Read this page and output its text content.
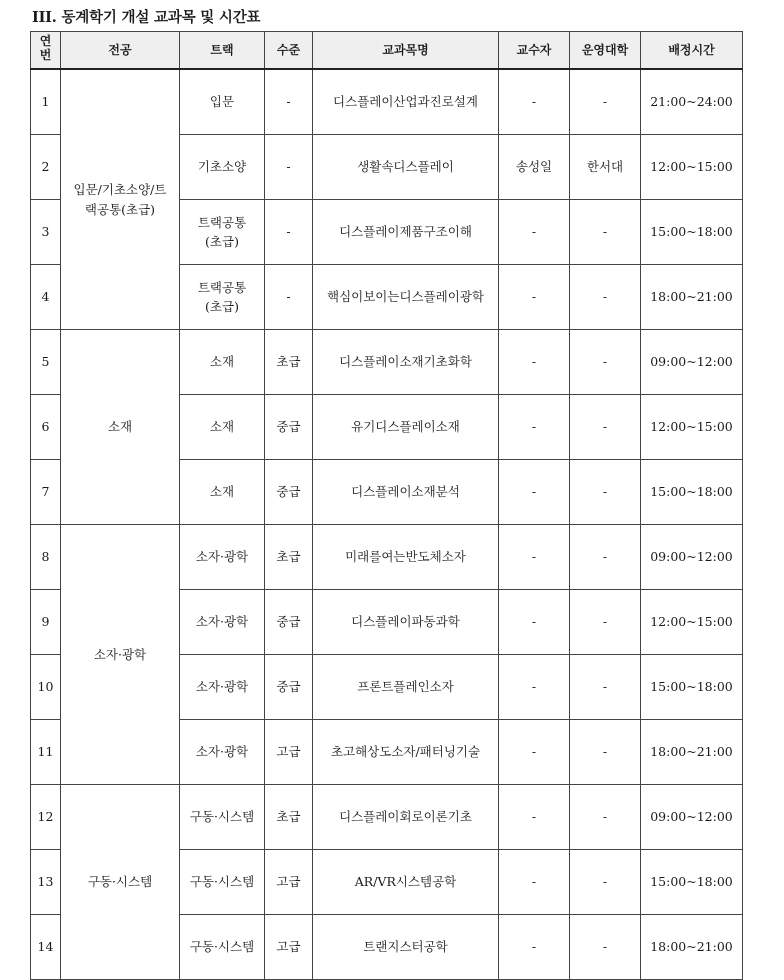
III. 동계학기 개설 교과목 및 시간표
연번	전공	트랙	수준	교과목명	교수자	운영대학	배정시간
1	입문/기초소양/트랙공통(초급)	입문	-	디스플레이산업과진로설계	-	-	21:00~24:00
2		기초소양	-	생활속디스플레이	송성일	한서대	12:00~15:00
3		트랙공통(초급)	-	디스플레이제품구조이해	-	-	15:00~18:00
4		트랙공통(초급)	-	핵심이보이는디스플레이광학	-	-	18:00~21:00
5	소재	소재	초급	디스플레이소재기초화학	-	-	09:00~12:00
6		소재	중급	유기디스플레이소재	-	-	12:00~15:00
7		소재	중급	디스플레이소재분석	-	-	15:00~18:00
8	소자·광학	소자·광학	초급	미래를여는반도체소자	-	-	09:00~12:00
9		소자·광학	중급	디스플레이파동과학	-	-	12:00~15:00
10		소자·광학	중급	프론트플레인소자	-	-	15:00~18:00
11		소자·광학	고급	초고해상도소자/패터닝기술	-	-	18:00~21:00
12	구동·시스템	구동·시스템	초급	디스플레이회로이론기초	-	-	09:00~12:00
13		구동·시스템	고급	AR/VR시스템공학	-	-	15:00~18:00
14		구동·시스템	고급	트랜지스터공학	-	-	18:00~21:00
